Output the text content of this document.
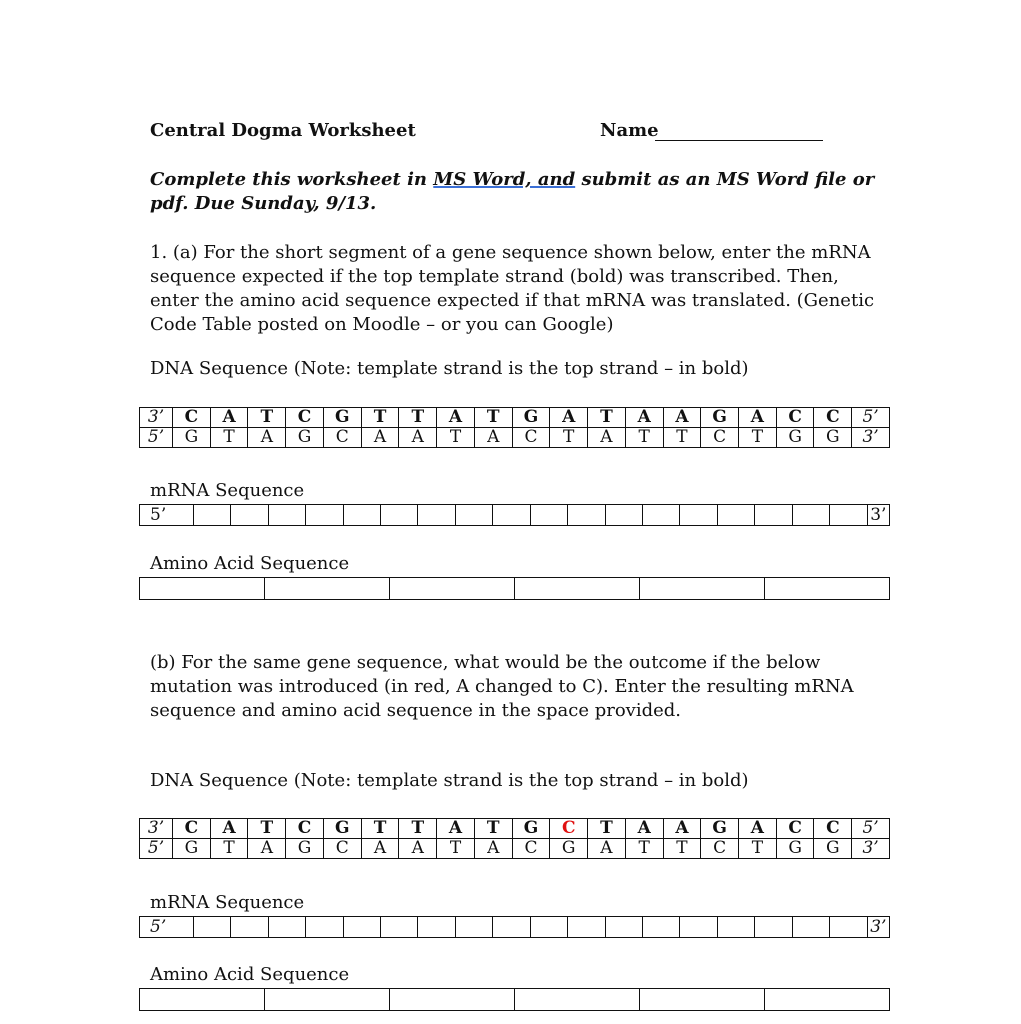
Central Dogma Worksheet	Name
Complete this worksheet in MS Word, and submit as an MS Word file or pdf. Due Sunday, 9/13.
1. (a) For the short segment of a gene sequence shown below, enter the mRNA sequence expected if the top template strand (bold) was transcribed. Then, enter the amino acid sequence expected if that mRNA was translated. (Genetic Code Table posted on Moodle – or you can Google)
DNA Sequence (Note: template strand is the top strand – in bold)
3’	C	A	T	C	G	T	T	A	T	G	A	T	A	A	G	A	C	C	5’
5’	G	T	A	G	C	A	A	T	A	C	T	A	T	T	C	T	G	G	3’
mRNA Sequence
5’																			3’
Amino Acid Sequence

(b) For the same gene sequence, what would be the outcome if the below mutation was introduced (in red, A changed to C). Enter the resulting mRNA sequence and amino acid sequence in the space provided.
DNA Sequence (Note: template strand is the top strand – in bold)
3’	C	A	T	C	G	T	T	A	T	G	C	T	A	A	G	A	C	C	5’
5’	G	T	A	G	C	A	A	T	A	C	G	A	T	T	C	T	G	G	3’
mRNA Sequence
5’																			3’
Amino Acid Sequence
